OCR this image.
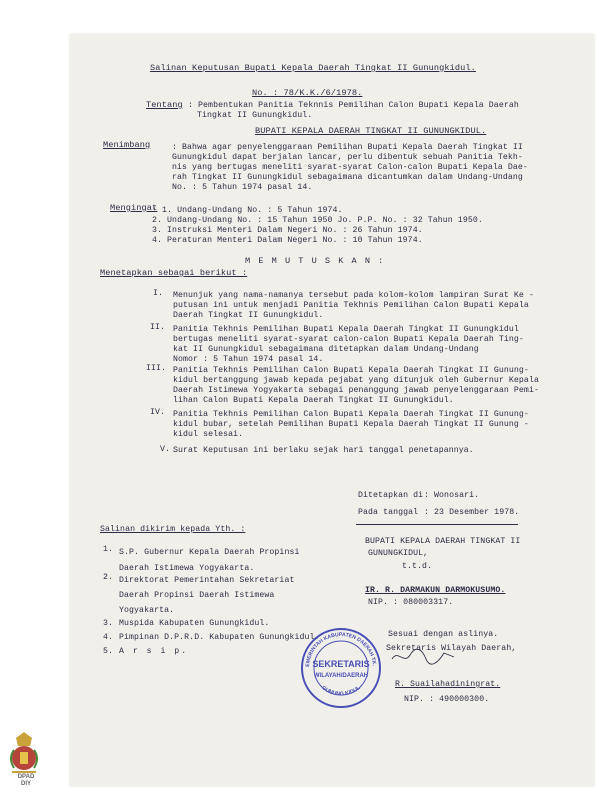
Salinan Keputusan Bupati Kepala Daerah Tingkat II Gunungkidul.
No. : 78/K.K./6/1978.
Tentang : Pembentukan Panitia Teknnis Pemilihan Calon Bupati Kepala Daerah
Tingkat II Gunungkidul.
BUPATI KEPALA DAERAH TINGKAT II GUNUNGKIDUL.
Menimbang	: Bahwa agar penyelenggaraan Pemilihan Bupati Kepala Daerah Tingkat II
Gunungkidul dapat berjalan lancar, perlu dibentuk sebuah Panitia Tekh-
nis yang bertugas meneliti syarat-syarat Calon-calon Bupati Kepala Dae-
rah Tingkat II Gunungkidul sebagaimana dicantumkan dalam Undang-Undang
No. : 5 Tahun 1974 pasal 14.
Mengingat
: 1. Undang-Undang No. : 5 Tahun 1974.
2. Undang-Undang No. : 15 Tahun 1950 Jo. P.P. No. : 32 Tahun 1950.
3. Instruksi Menteri Dalam Negeri No. : 26 Tahun 1974.
4. Peraturan Menteri Dalam Negeri No. : 10 Tahun 1974.
M E M U T U S K A N :
Menetapkan sebagai berikut :
I. Menunjuk yang nama-namanya tersebut pada kolom-kolom lampiran Surat Ke -
putusan ini untuk menjadi Panitia Tekhnis Pemilihan Calon Bupati Kepala
Daerah Tingkat II Gunungkidul.
II. Panitia Tekhnis Pemilihan Bupati Kepala Daerah Tingkat II Gunungkidul
bertugas meneliti syarat-syarat calon-calon Bupati Kepala Daerah Ting-
kat II Gunungkidul sebagaimana ditetapkan dalam Undang-Undang
Nomor : 5 Tahun 1974 pasal 14.
III. Panitia Tekhnis Pemilihan Calon Bupati Kepala Daerah Tingkat II Gunung-
kidul bertanggung jawab kepada pejabat yang ditunjuk oleh Gubernur Kepala
Daerah Istimewa Yogyakarta sebagai penanggung jawab penyelenggaraan Pemi-
lihan Calon Bupati Kepala Daerah Tingkat II Gunungkidul.
IV. Panitia Tekhnis Pemilihan Calon Bupati Kepala Daerah Tingkat II Gunung-
kidul bubar, setelah Pemilihan Bupati Kepala Daerah Tingkat II Gunung -
kidul selesai.
V. Surat Keputusan ini berlaku sejak hari tanggal penetapannya.
Ditetapkan di : Wonosari.
Pada tanggal : 23 Desember 1978.
BUPATI KEPALA DAERAH TINGKAT II
GUNUNGKIDUL,
t.t.d.
IR. R. DARMAKUN DARMOKUSUMO.
NIP. : 080003317.
Salinan dikirim kepada Yth. :
1. S.P. Gubernur Kepala Daerah Propinsi
Daerah Istimewa Yogyakarta.
2. Direktorat Pemerintahan Sekretariat
Daerah Propinsi Daerah Istimewa
Yogyakarta.
3. Muspida Kabupaten Gunungkidul.
4. Pimpinan D.P.R.D. Kabupaten Gunungkidul.
5. A r s i p.
Sesuai dengan aslinya.
Sekretaris Wilayah Daerah,
R. Suailahadiningrat.
NIP. : 490000300.
EMERINTAH KABUPATEN DAERAH TK.
GUNUNG KIDUL
SEKRETARIS
WILAYAH/DAERAH
DPAD
DIY
